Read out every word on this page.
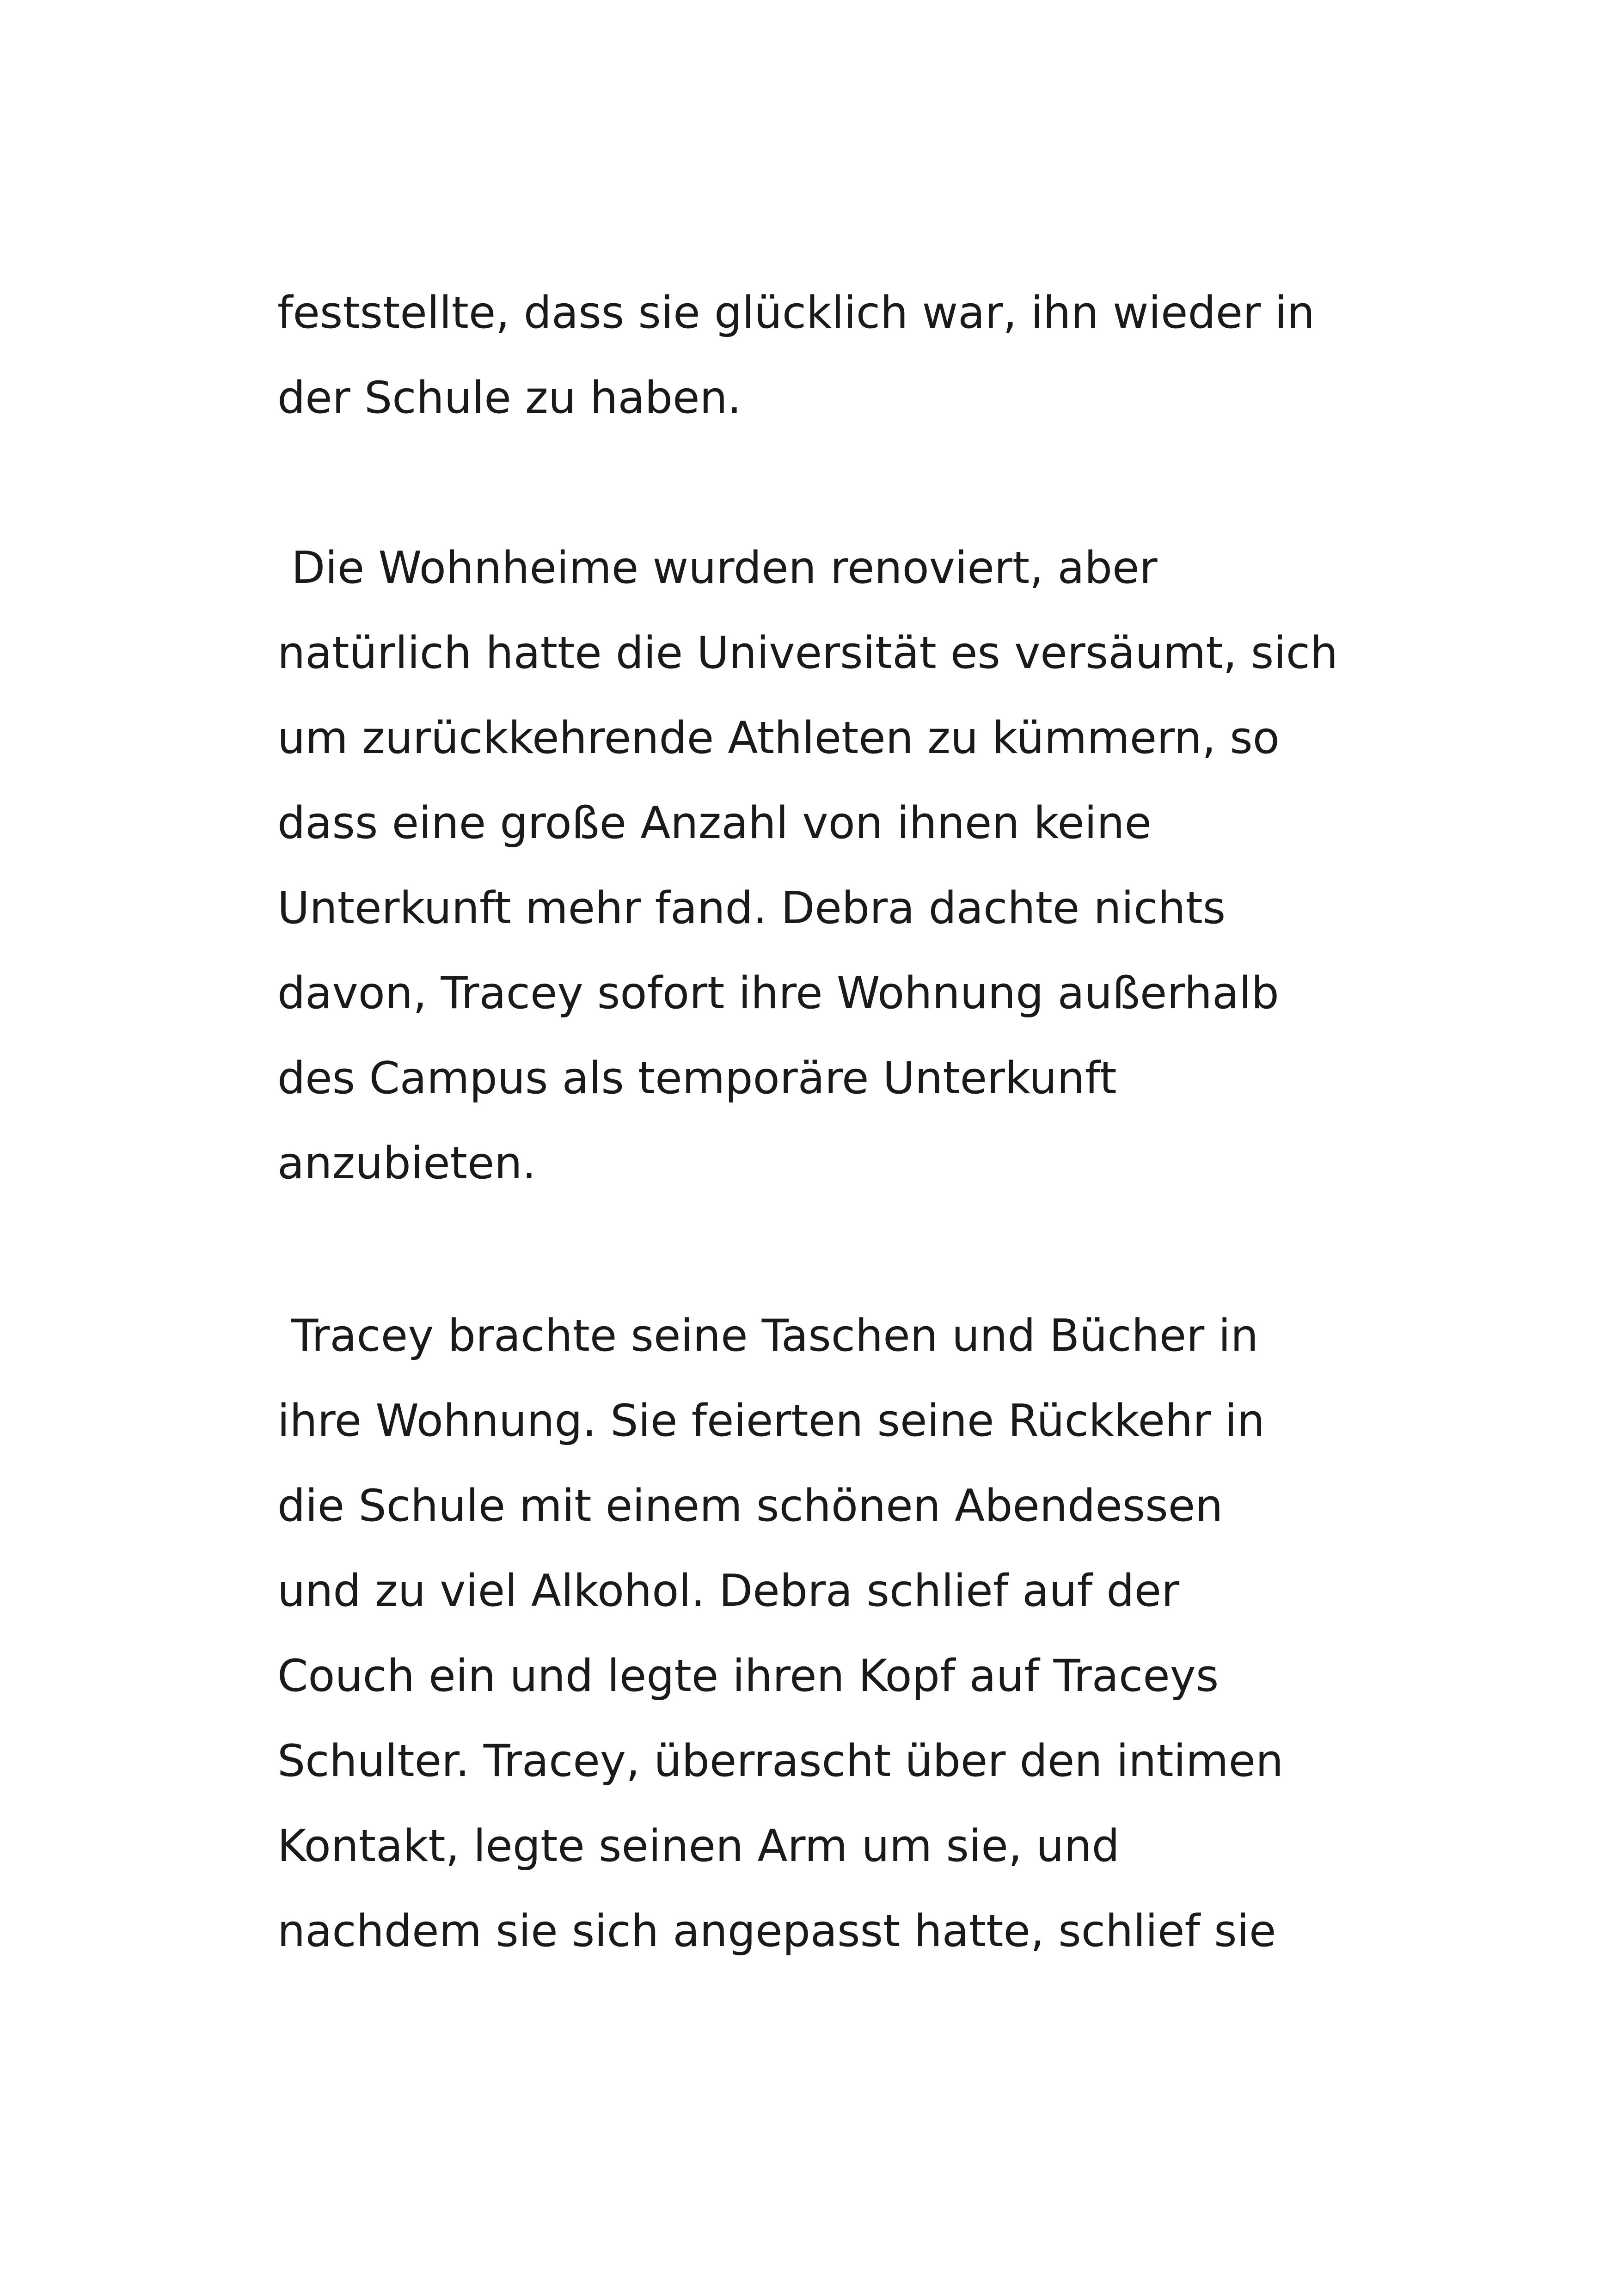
feststellte, dass sie glücklich war, ihn wieder in
der Schule zu haben.
Die Wohnheime wurden renoviert, aber
natürlich hatte die Universität es versäumt, sich
um zurückkehrende Athleten zu kümmern, so
dass eine große Anzahl von ihnen keine
Unterkunft mehr fand. Debra dachte nichts
davon, Tracey sofort ihre Wohnung außerhalb
des Campus als temporäre Unterkunft
anzubieten.
Tracey brachte seine Taschen und Bücher in
ihre Wohnung. Sie feierten seine Rückkehr in
die Schule mit einem schönen Abendessen
und zu viel Alkohol. Debra schlief auf der
Couch ein und legte ihren Kopf auf Traceys
Schulter. Tracey, überrascht über den intimen
Kontakt, legte seinen Arm um sie, und
nachdem sie sich angepasst hatte, schlief sie
